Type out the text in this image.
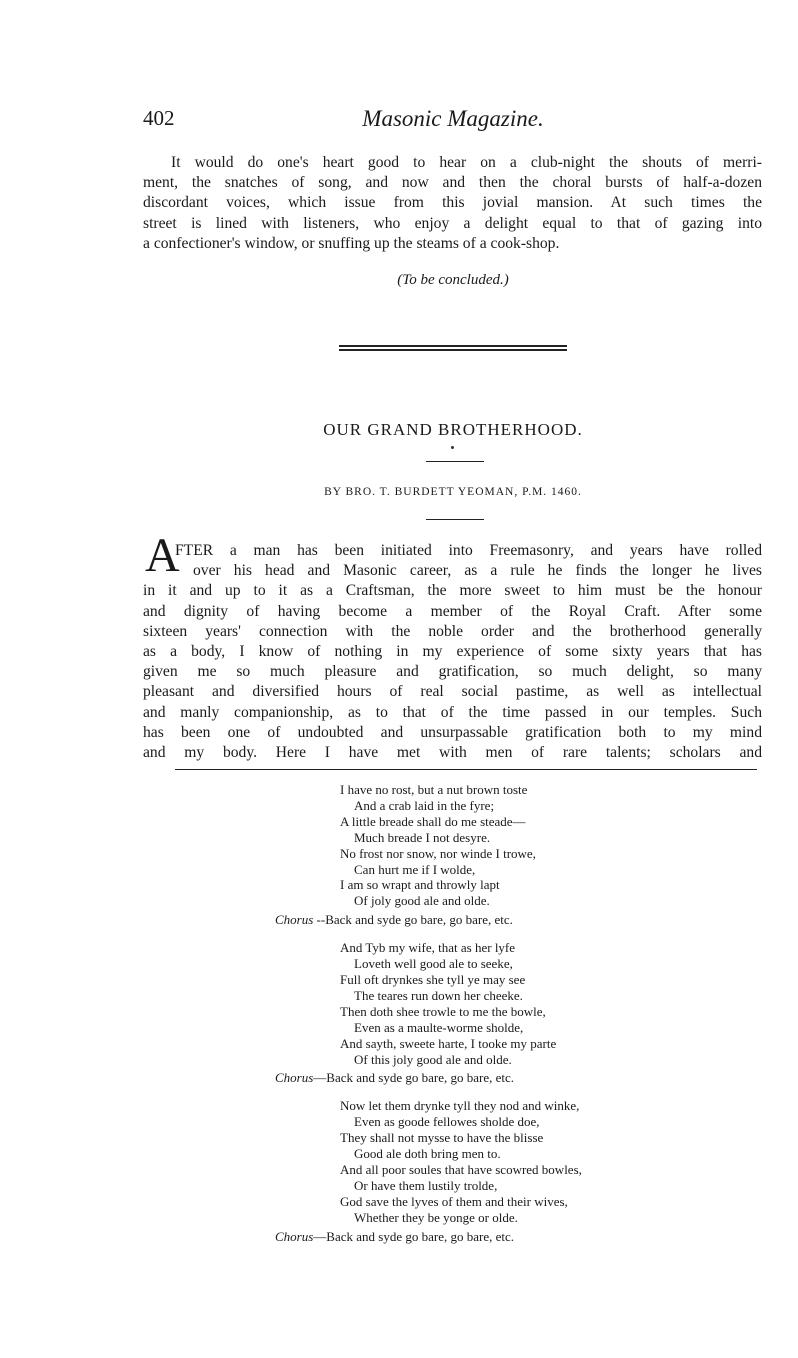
402	Masonic Magazine.
It would do one's heart good to hear on a club-night the shouts of merri-
ment, the snatches of song, and now and then the choral bursts of half-a-dozen
discordant voices, which issue from this jovial mansion. At such times the
street is lined with listeners, who enjoy a delight equal to that of gazing into
a confectioner's window, or snuffing up the steams of a cook-shop.
(To be concluded.)
OUR GRAND BROTHERHOOD.
BY BRO. T. BURDETT YEOMAN, P.M. 1460.
A
FTER a man has been initiated into Freemasonry, and years have rolled
over his head and Masonic career, as a rule he finds the longer he lives
in it and up to it as a Craftsman, the more sweet to him must be the honour
and dignity of having become a member of the Royal Craft. After some
sixteen years' connection with the noble order and the brotherhood generally
as a body, I know of nothing in my experience of some sixty years that has
given me so much pleasure and gratification, so much delight, so many
pleasant and diversified hours of real social pastime, as well as intellectual
and manly companionship, as to that of the time passed in our temples. Such
has been one of undoubted and unsurpassable gratification both to my mind
and my body. Here I have met with men of rare talents; scholars and
I have no rost, but a nut brown toste
And a crab laid in the fyre;
A little breade shall do me steade—
Much breade I not desyre.
No frost nor snow, nor winde I trowe,
Can hurt me if I wolde,
I am so wrapt and throwly lapt
Of joly good ale and olde.
Chorus --Back and syde go bare, go bare, etc.
And Tyb my wife, that as her lyfe
Loveth well good ale to seeke,
Full oft drynkes she tyll ye may see
The teares run down her cheeke.
Then doth shee trowle to me the bowle,
Even as a maulte-worme sholde,
And sayth, sweete harte, I tooke my parte
Of this joly good ale and olde.
Chorus—Back and syde go bare, go bare, etc.
Now let them drynke tyll they nod and winke,
Even as goode fellowes sholde doe,
They shall not mysse to have the blisse
Good ale doth bring men to.
And all poor soules that have scowred bowles,
Or have them lustily trolde,
God save the lyves of them and their wives,
Whether they be yonge or olde.
Chorus—Back and syde go bare, go bare, etc.
